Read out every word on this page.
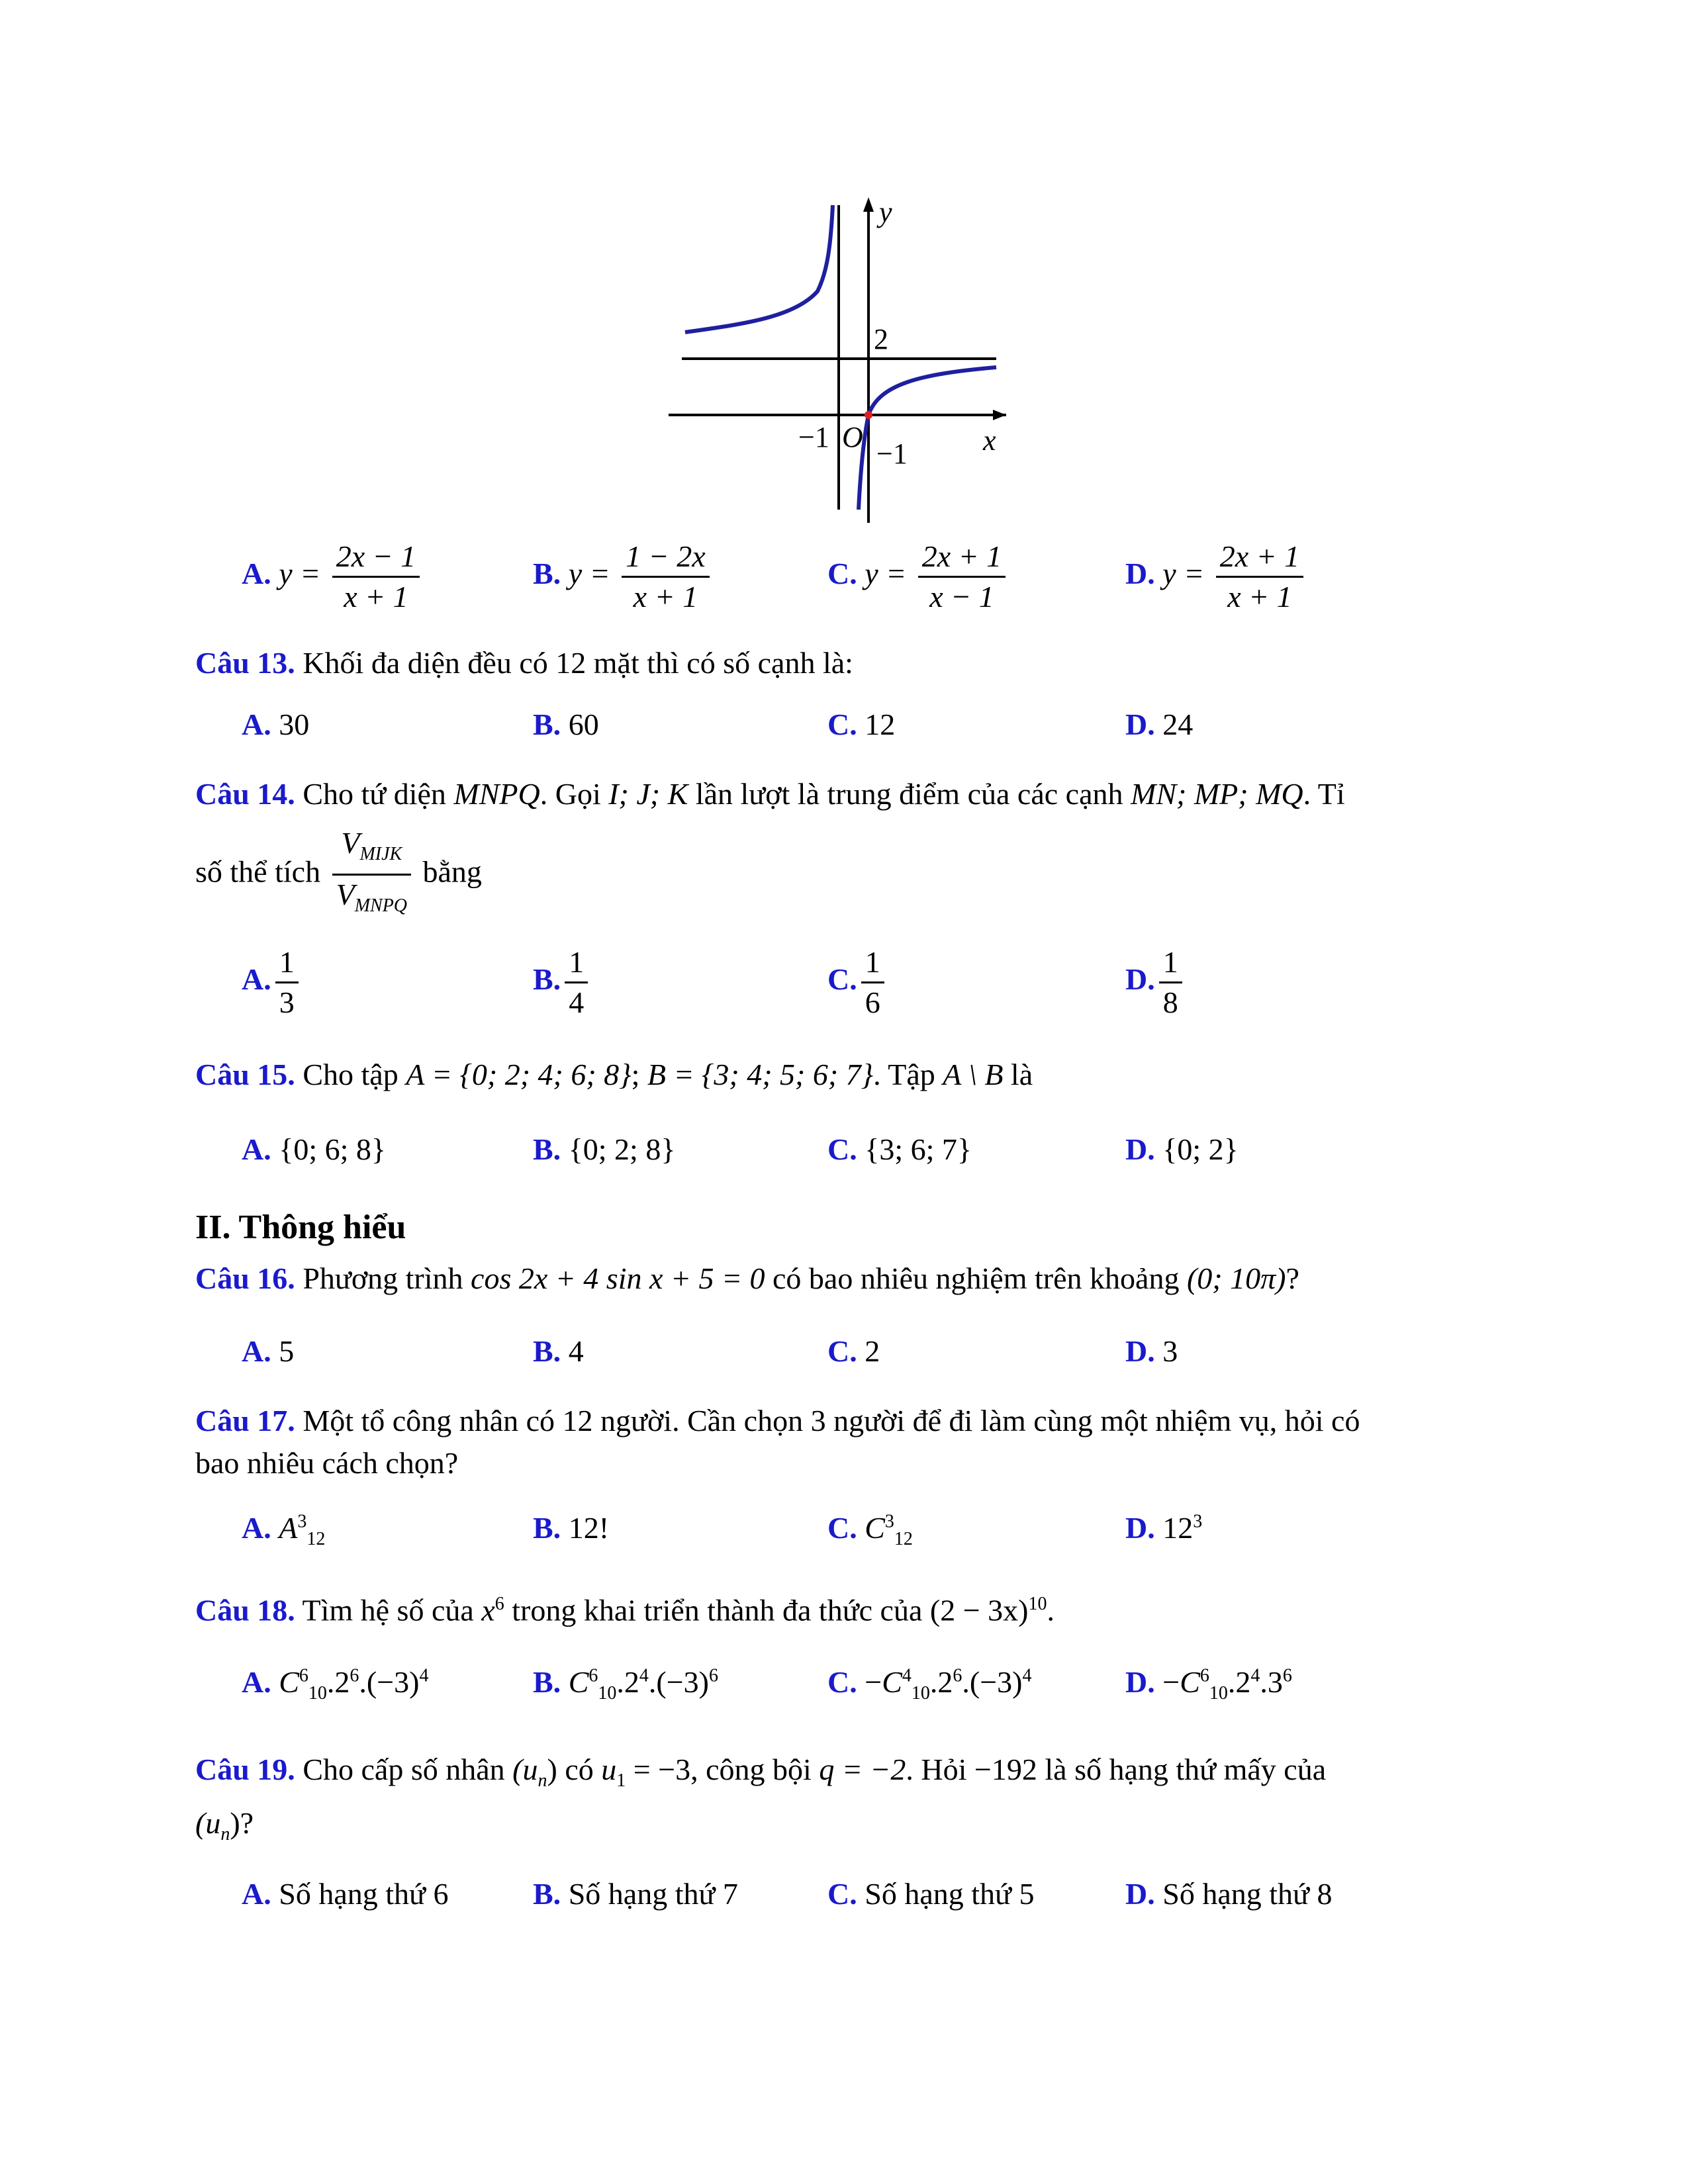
y
x
2
−1 O
−1
A. $y = \frac{2x - 1}{x + 1}$	B. $y = \frac{1 - 2x}{x + 1}$	C. $y = \frac{2x + 1}{x - 1}$	D. $y = \frac{2x + 1}{x + 1}$
Câu 13. Khối đa diện đều có 12 mặt thì có số cạnh là:
A. 30	B. 60	C. 12	D. 24
Câu 14. Cho tứ diện MNPQ. Gọi I; J; K lần lượt là trung điểm của các cạnh MN; MP; MQ. Tỉ
số thể tích $\frac{V_{MIJK}}{V_{MNPQ}}$ bằng
A. $\frac{1}{3}$	B. $\frac{1}{4}$	C. $\frac{1}{6}$	D. $\frac{1}{8}$
Câu 15. Cho tập A = {0; 2; 4; 6; 8}; B = {3; 4; 5; 6; 7}. Tập A \ B là
A. {0; 6; 8}	B. {0; 2; 8}	C. {3; 6; 7}	D. {0; 2}
II. Thông hiểu
Câu 16. Phương trình cos 2x + 4 sin x + 5 = 0 có bao nhiêu nghiệm trên khoảng (0; 10π)?
A. 5	B. 4	C. 2	D. 3
Câu 17. Một tổ công nhân có 12 người. Cần chọn 3 người để đi làm cùng một nhiệm vụ, hỏi có
bao nhiêu cách chọn?
A. $A^3_{12}$	B. 12!	C. $C^3_{12}$	D. $12^3$
Câu 18. Tìm hệ số của $x^6$ trong khai triển thành đa thức của $(2 - 3x)^{10}$.
A. $C^6_{10}.2^6.(-3)^4$	B. $C^6_{10}.2^4.(-3)^6$	C. $-C^4_{10}.2^6.(-3)^4$	D. $-C^6_{10}.2^4.3^6$
Câu 19. Cho cấp số nhân $(u_n)$ có $u_1 = -3$, công bội q = −2. Hỏi −192 là số hạng thứ mấy của
$(u_n)$?
A. Số hạng thứ 6	B. Số hạng thứ 7	C. Số hạng thứ 5	D. Số hạng thứ 8
